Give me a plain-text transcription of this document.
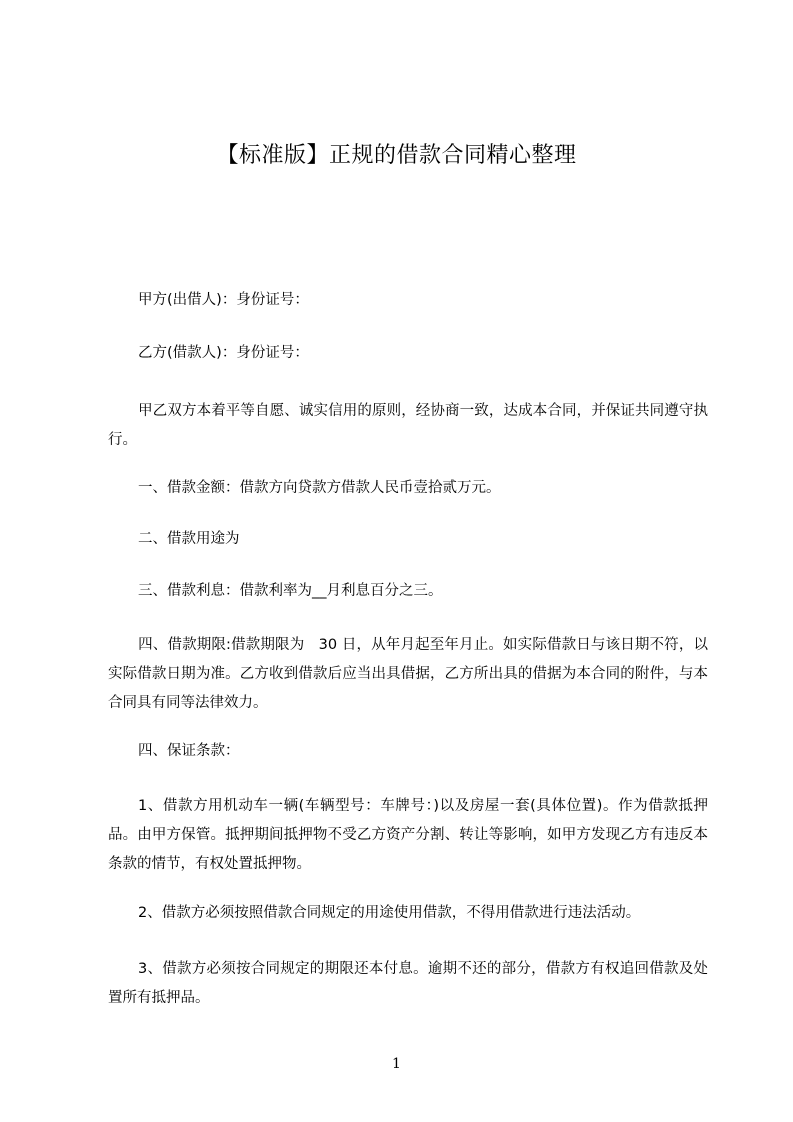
【标准版】正规的借款合同精心整理

甲方(出借人)：身份证号：

乙方(借款人)：身份证号：

甲乙双方本着平等自愿、诚实信用的原则，经协商一致，达成本合同，并保证共同遵守执行。

一、借款金额：借款方向贷款方借款人民币壹拾贰万元。

二、借款用途为

三、借款利息：借款利率为__月利息百分之三。

四、借款期限:借款期限为   30 日，从年月起至年月止。如实际借款日与该日期不符，以实际借款日期为准。乙方收到借款后应当出具借据，乙方所出具的借据为本合同的附件，与本合同具有同等法律效力。

四、保证条款：

1、借款方用机动车一辆(车辆型号：车牌号：)以及房屋一套(具体位置)。作为借款抵押品。由甲方保管。抵押期间抵押物不受乙方资产分割、转让等影响，如甲方发现乙方有违反本条款的情节，有权处置抵押物。

2、借款方必须按照借款合同规定的用途使用借款，不得用借款进行违法活动。

3、借款方必须按合同规定的期限还本付息。逾期不还的部分，借款方有权追回借款及处置所有抵押品。

1
